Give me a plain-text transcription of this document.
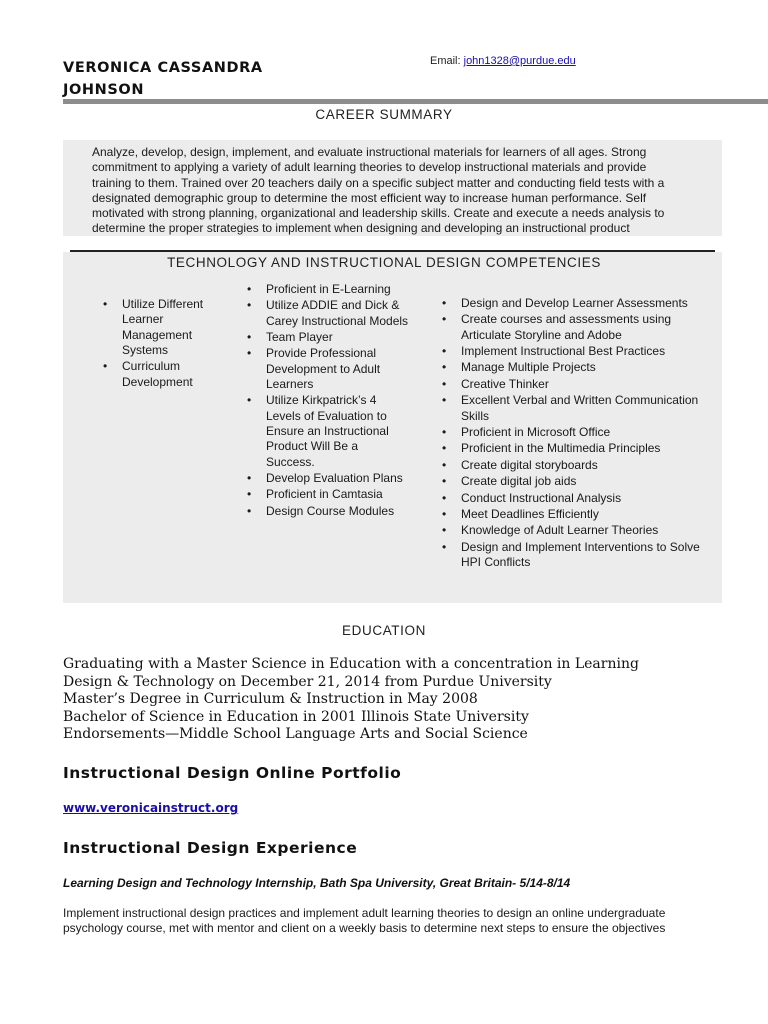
VERONICA CASSANDRA
JOHNSON
Email: john1328@purdue.edu
CAREER SUMMARY
Analyze, develop, design, implement, and evaluate instructional materials for learners of all ages. Strong
commitment to applying a variety of adult learning theories to develop instructional materials and provide
training to them. Trained over 20 teachers daily on a specific subject matter and conducting field tests with a
designated demographic group to determine the most efficient way to increase human performance. Self
motivated with strong planning, organizational and leadership skills. Create and execute a needs analysis to
determine the proper strategies to implement when designing and developing an instructional product
TECHNOLOGY AND INSTRUCTIONAL DESIGN COMPETENCIES
• Utilize Different Learner Management Systems
• Curriculum Development
• Proficient in E-Learning
• Utilize ADDIE and Dick & Carey Instructional Models
• Team Player
• Provide Professional Development to Adult Learners
• Utilize Kirkpatrick’s 4 Levels of Evaluation to Ensure an Instructional Product Will Be a Success.
• Develop Evaluation Plans
• Proficient in Camtasia
• Design Course Modules
• Design and Develop Learner Assessments
• Create courses and assessments using Articulate Storyline and Adobe
• Implement Instructional Best Practices
• Manage Multiple Projects
• Creative Thinker
• Excellent Verbal and Written Communication Skills
• Proficient in Microsoft Office
• Proficient in the Multimedia Principles
• Create digital storyboards
• Create digital job aids
• Conduct Instructional Analysis
• Meet Deadlines Efficiently
• Knowledge of Adult Learner Theories
• Design and Implement Interventions to Solve HPI Conflicts
EDUCATION
Graduating with a Master Science in Education with a concentration in Learning
Design & Technology on December 21, 2014 from Purdue University
Master’s Degree in Curriculum & Instruction in May 2008
Bachelor of Science in Education in 2001 Illinois State University
Endorsements—Middle School Language Arts and Social Science
Instructional Design Online Portfolio
www.veronicainstruct.org
Instructional Design Experience
Learning Design and Technology Internship, Bath Spa University, Great Britain- 5/14-8/14
Implement instructional design practices and implement adult learning theories to design an online undergraduate
psychology course, met with mentor and client on a weekly basis to determine next steps to ensure the objectives
